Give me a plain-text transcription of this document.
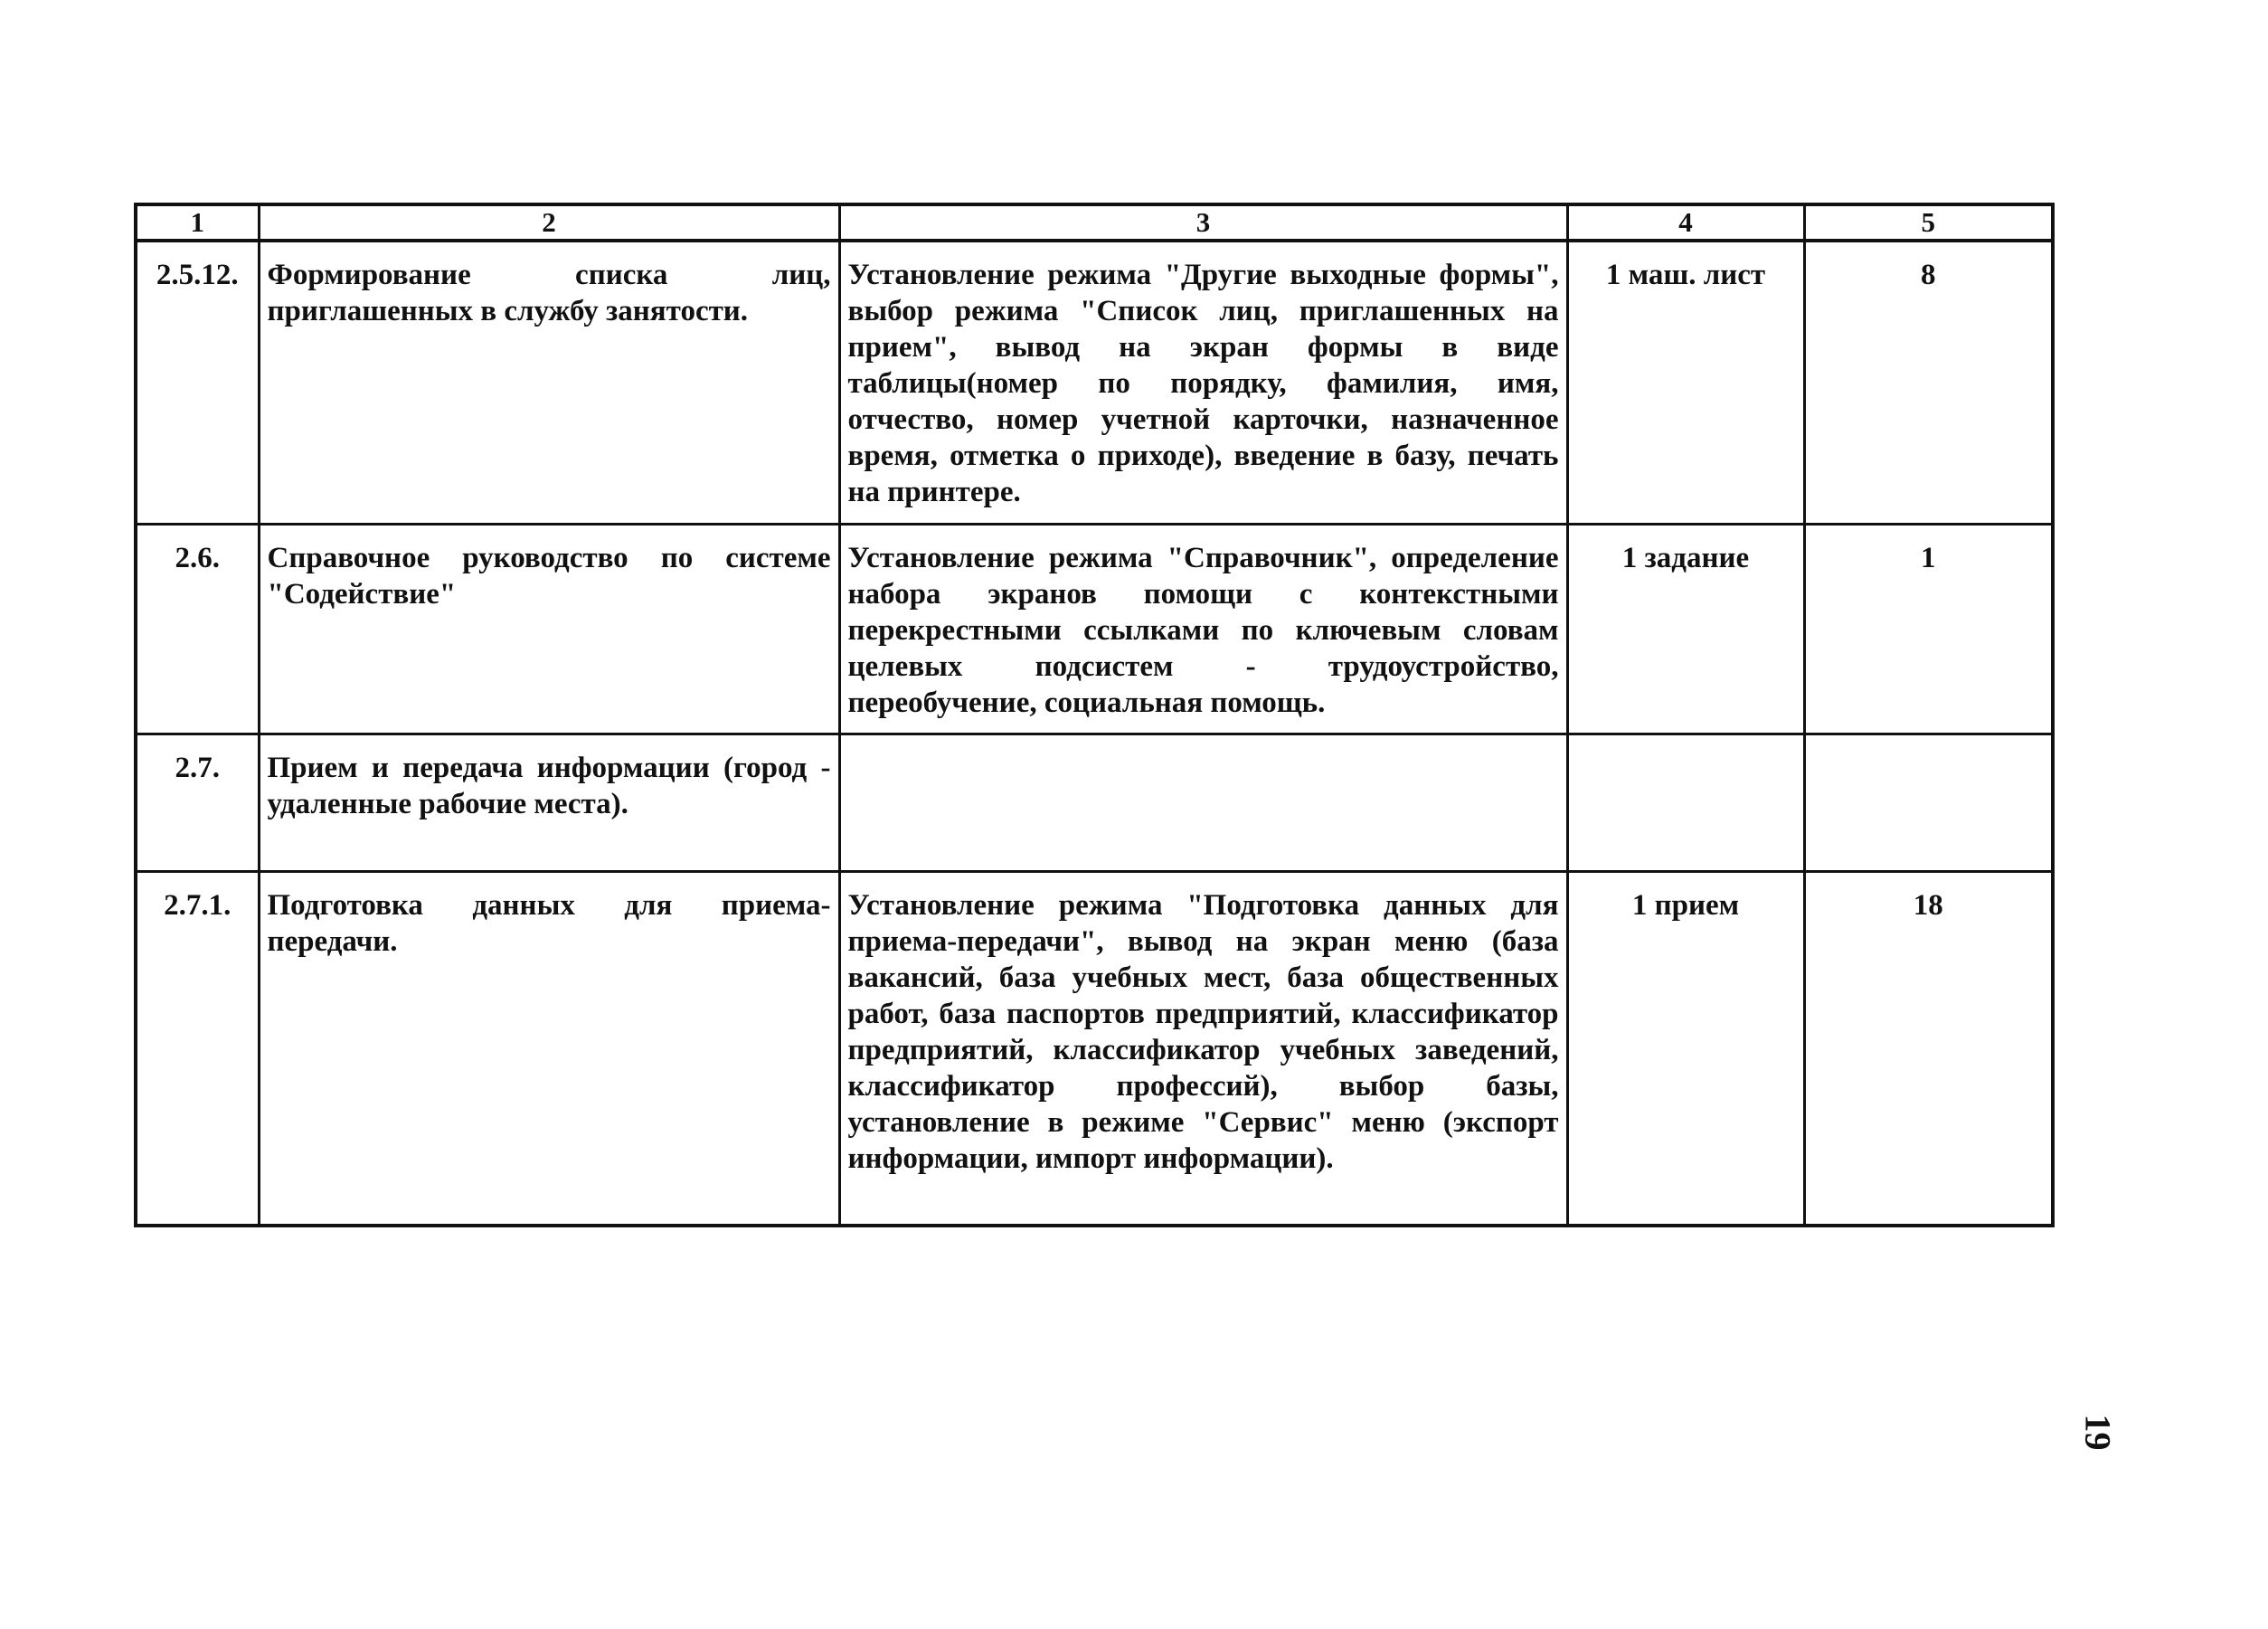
1	2	3	4	5
2.5.12.	Формирование списка лиц, приглашенных в службу занятости.	Установление режима "Другие выходные формы", выбор режима "Список лиц, приглашенных на прием", вывод на экран формы в виде таблицы(номер по порядку, фамилия, имя, отчество, номер учетной карточки, назначенное время, отметка о приходе), введение в базу, печать на принтере.	1 маш. лист	8
2.6.	Справочное руководство по системе "Содействие"	Установление режима "Справочник", определение набора экранов помощи с контекстными перекрестными ссылками по ключевым словам целевых подсистем - трудоустройство, переобучение, социальная помощь.	1 задание	1
2.7.	Прием и передача информации (город - удаленные рабочие места).			
2.7.1.	Подготовка данных для приема-передачи.	Установление режима "Подготовка данных для приема-передачи", вывод на экран меню (база вакансий, база учебных мест, база общественных работ, база паспортов предприятий, классификатор предприятий, классификатор учебных заведений, классификатор профессий), выбор базы, установление в режиме "Сервис" меню (экспорт информации, импорт информации).	1 прием	18
19
